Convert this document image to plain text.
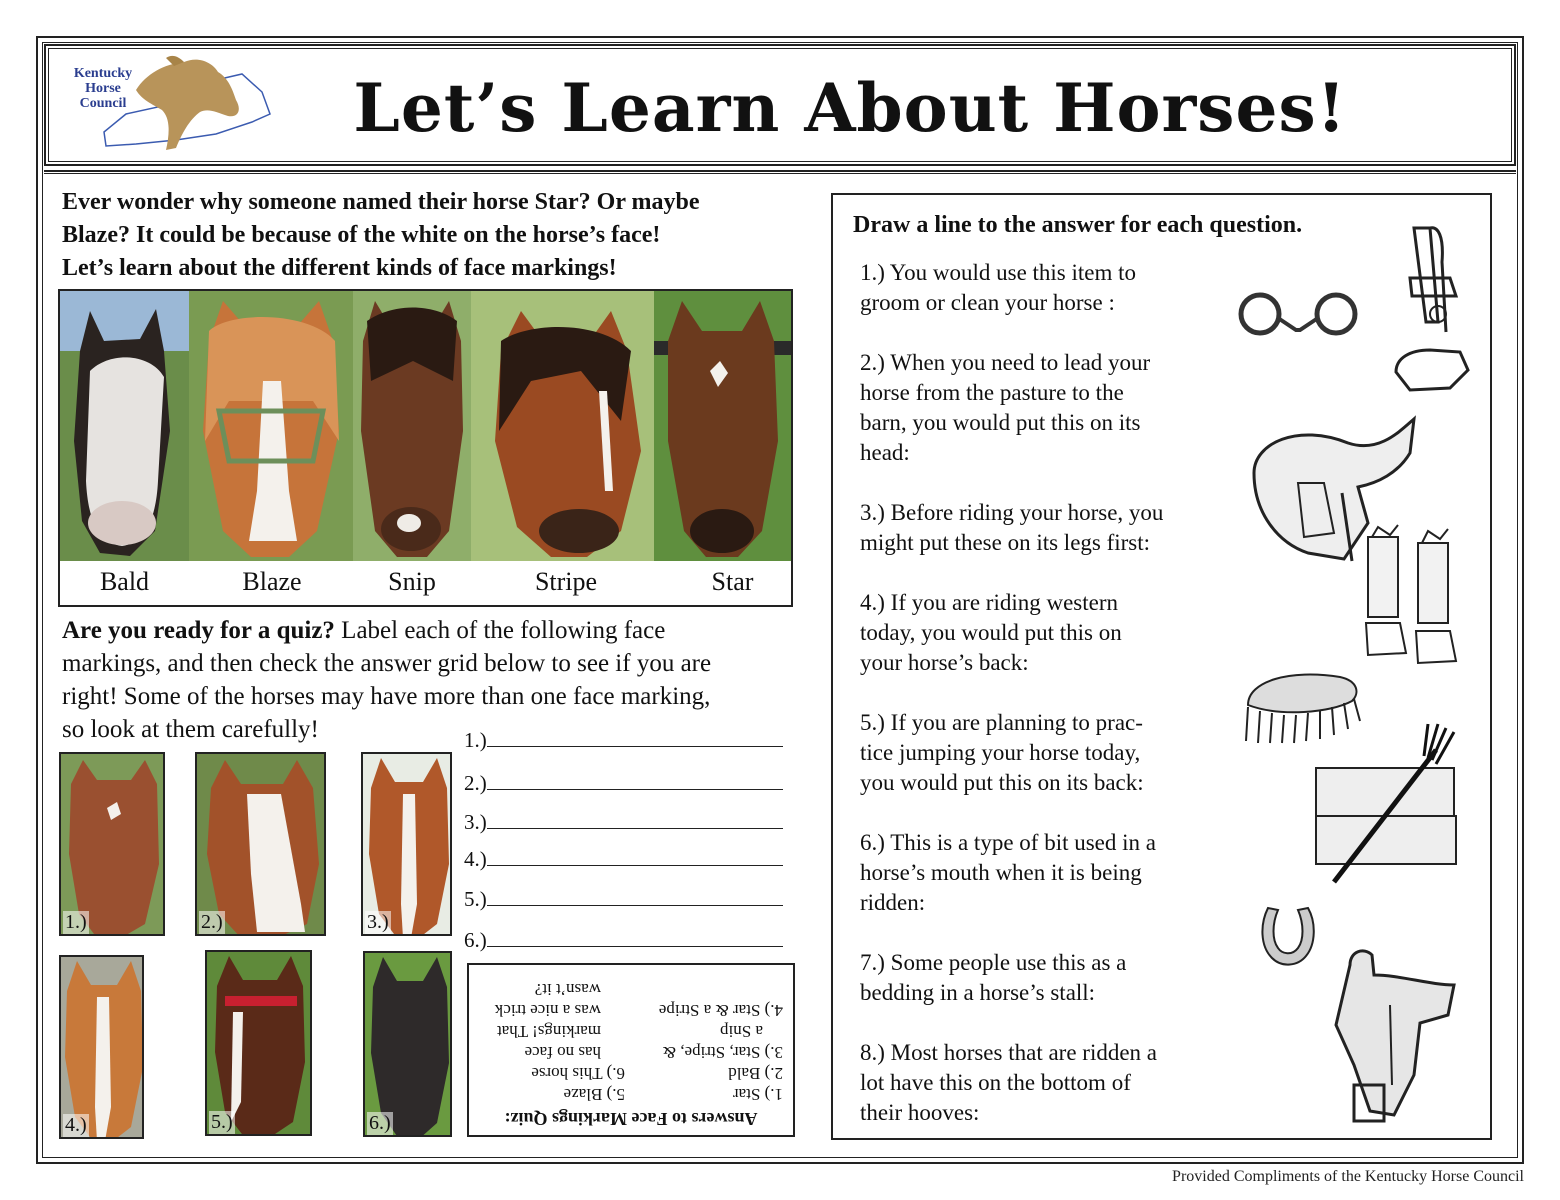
Kentucky
Horse
Council	Let’s Learn About Horses!
Ever wonder why someone named their horse Star? Or maybe
Blaze? It could be because of the white on the horse’s face!
Let’s learn about the different kinds of face markings!
Bald	Blaze	Snip	Stripe	Star
Are you ready for a quiz? Label each of the following face
markings, and then check the answer grid below to see if you are
right! Some of the horses may have more than one face marking,
so look at them carefully!
1.)	2.)	3.)
4.)	5.)	6.)
1.)
2.)
3.)
4.)
5.)
6.)
Answers to Face Markings Quiz:
1.) Star
2.) Bald
3.) Star, Stripe, &
a Snip
4.) Star & a Stripe
5.) Blaze
6.) This horse
has no face
markings! That
was a nice trick
wasn’t it?
Draw a line to the answer for each question.
1.) You would use this item to
groom or clean your horse :
2.) When you need to lead your
horse from the pasture to the
barn, you would put this on its
head:
3.) Before riding your horse, you
might put these on its legs first:
4.) If you are riding western
today, you would put this on
your horse’s back:
5.) If you are planning to prac-
tice jumping your horse today,
you would put this on its back:
6.) This is a type of bit used in a
horse’s mouth when it is being
ridden:
7.) Some people use this as a
bedding in a horse’s stall:
8.) Most horses that are ridden a
lot have this on the bottom of
their hooves:
Provided Compliments of the Kentucky Horse Council
